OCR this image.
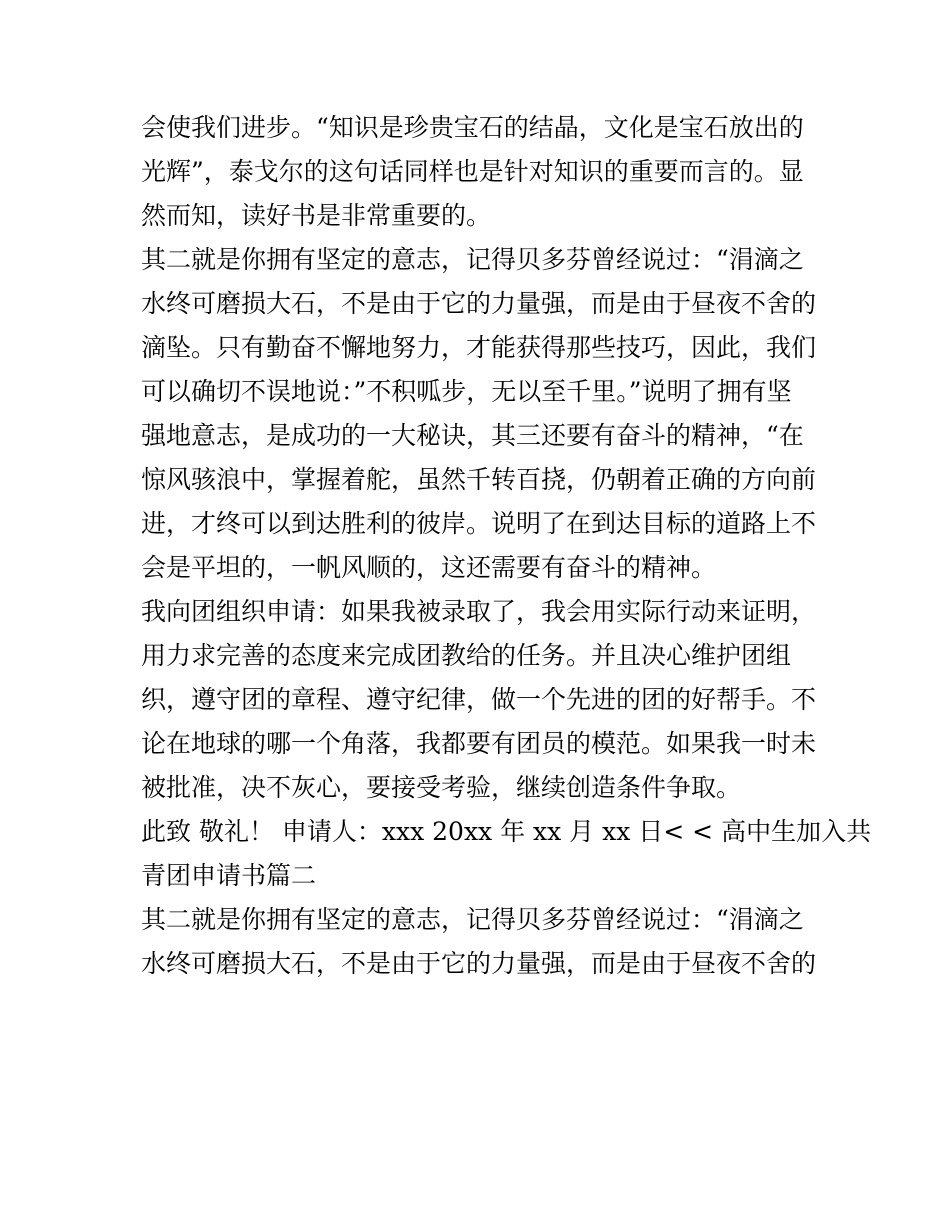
会使我们进步。“知识是珍贵宝石的结晶，文化是宝石放出的
光辉”，泰戈尔的这句话同样也是针对知识的重要而言的。显
然而知，读好书是非常重要的。
其二就是你拥有坚定的意志，记得贝多芬曾经说过：“涓滴之
水终可磨损大石，不是由于它的力量强，而是由于昼夜不舍的
滴坠。只有勤奋不懈地努力，才能获得那些技巧，因此，我们
可以确切不误地说：”不积呱步，无以至千里。”说明了拥有坚
强地意志，是成功的一大秘诀，其三还要有奋斗的精神，“在
惊风骇浪中，掌握着舵，虽然千转百挠，仍朝着正确的方向前
进，才终可以到达胜利的彼岸。说明了在到达目标的道路上不
会是平坦的，一帆风顺的，这还需要有奋斗的精神。
我向团组织申请：如果我被录取了，我会用实际行动来证明，
用力求完善的态度来完成团教给的任务。并且决心维护团组
织，遵守团的章程、遵守纪律，做一个先进的团的好帮手。不
论在地球的哪一个角落，我都要有团员的模范。如果我一时未
被批准，决不灰心，要接受考验，继续创造条件争取。
此致 敬礼！ 申请人：xxx 20xx 年 xx 月 xx 日< < 高中生加入共
青团申请书篇二
其二就是你拥有坚定的意志，记得贝多芬曾经说过：“涓滴之
水终可磨损大石，不是由于它的力量强，而是由于昼夜不舍的
